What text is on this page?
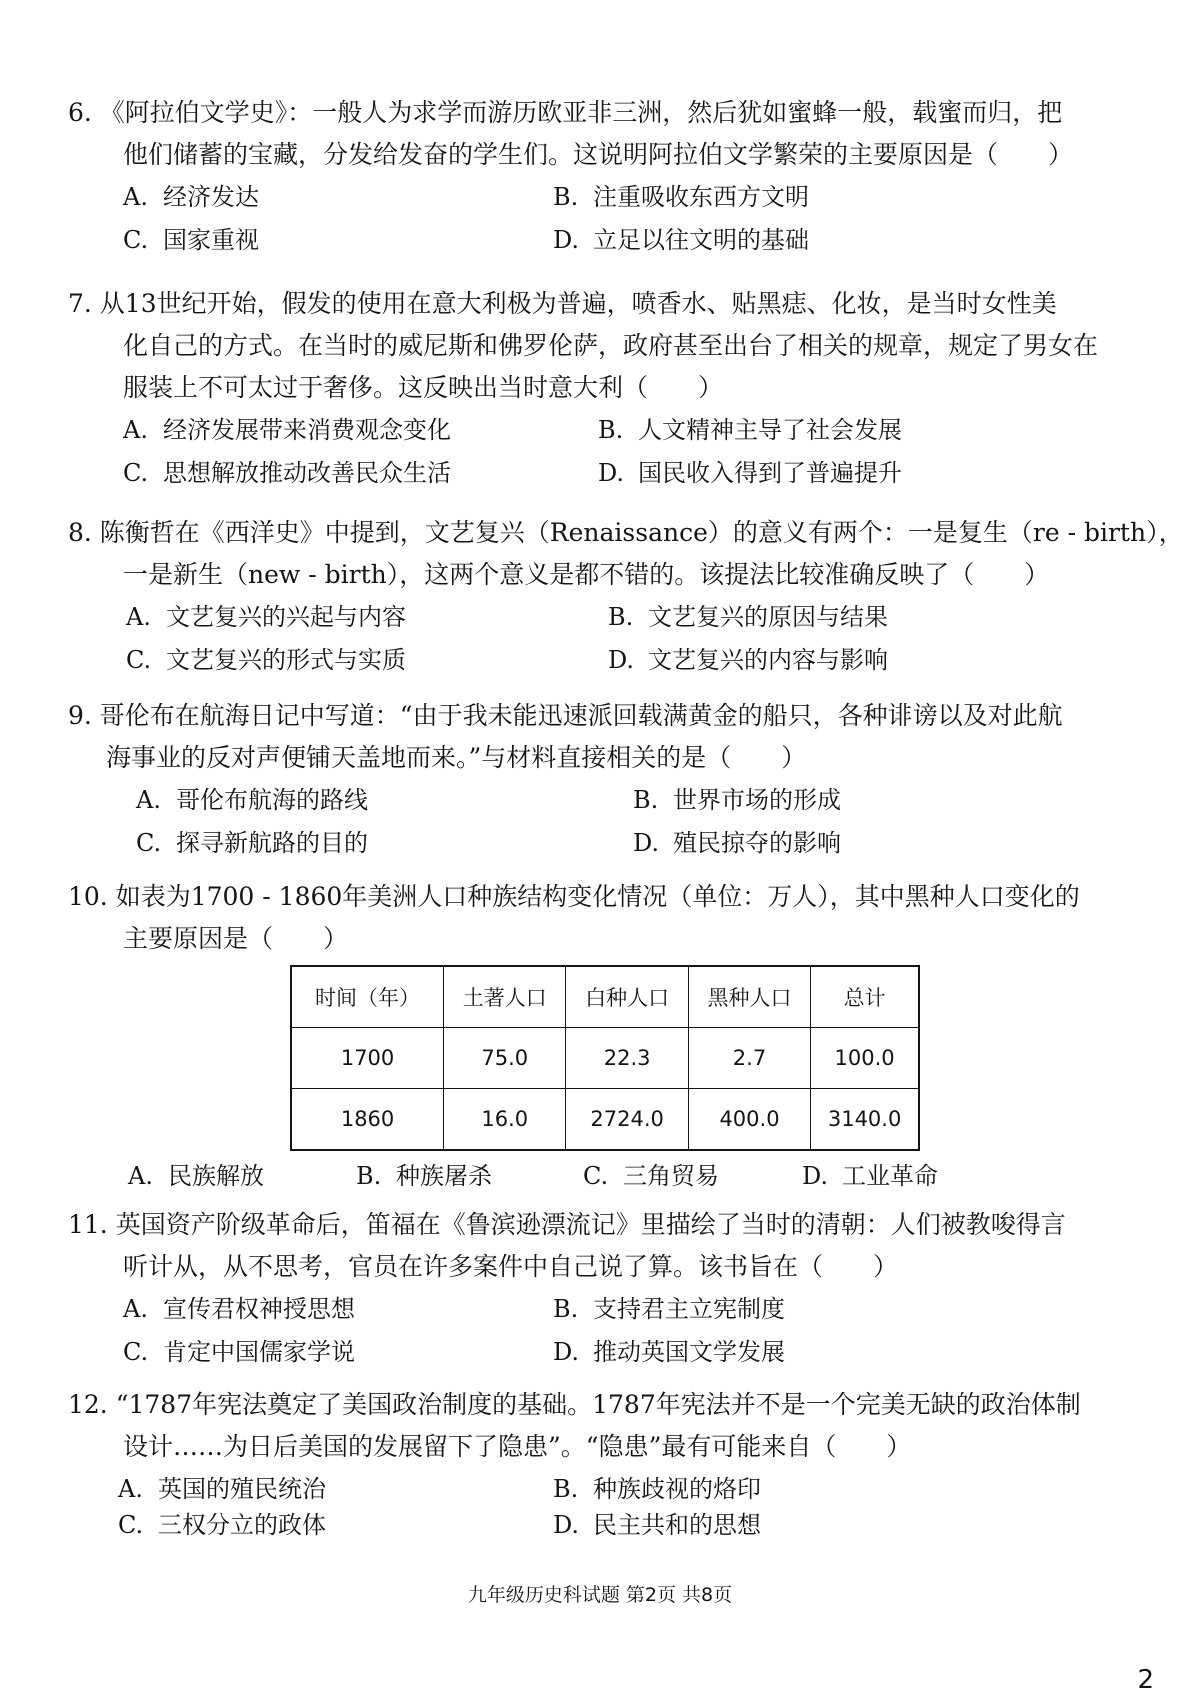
6. 《阿拉伯文学史》：一般人为求学而游历欧亚非三洲，然后犹如蜜蜂一般，载蜜而归，把
他们储蓄的宝藏，分发给发奋的学生们。这说明阿拉伯文学繁荣的主要原因是（　　）
A. 经济发达	B. 注重吸收东西方文明
C. 国家重视	D. 立足以往文明的基础
7. 从13世纪开始，假发的使用在意大利极为普遍，喷香水、贴黑痣、化妆，是当时女性美
化自己的方式。在当时的威尼斯和佛罗伦萨，政府甚至出台了相关的规章，规定了男女在
服装上不可太过于奢侈。这反映出当时意大利（　　）
A. 经济发展带来消费观念变化	B. 人文精神主导了社会发展
C. 思想解放推动改善民众生活	D. 国民收入得到了普遍提升
8. 陈衡哲在《西洋史》中提到，文艺复兴（Renaissance）的意义有两个：一是复生（re - birth），
一是新生（new - birth），这两个意义是都不错的。该提法比较准确反映了（　　）
A. 文艺复兴的兴起与内容	B. 文艺复兴的原因与结果
C. 文艺复兴的形式与实质	D. 文艺复兴的内容与影响
9. 哥伦布在航海日记中写道：“由于我未能迅速派回载满黄金的船只，各种诽谤以及对此航
海事业的反对声便铺天盖地而来。”与材料直接相关的是（　　）
A. 哥伦布航海的路线	B. 世界市场的形成
C. 探寻新航路的目的	D. 殖民掠夺的影响
10. 如表为1700 - 1860年美洲人口种族结构变化情况（单位：万人），其中黑种人口变化的
主要原因是（　　）
时间（年）	土著人口	白种人口	黑种人口	总计
1700	75.0	22.3	2.7	100.0
1860	16.0	2724.0	400.0	3140.0
A. 民族解放	B. 种族屠杀	C. 三角贸易	D. 工业革命
11. 英国资产阶级革命后，笛福在《鲁滨逊漂流记》里描绘了当时的清朝：人们被教唆得言
听计从，从不思考，官员在许多案件中自己说了算。该书旨在（　　）
A. 宣传君权神授思想	B. 支持君主立宪制度
C. 肯定中国儒家学说	D. 推动英国文学发展
12. “1787年宪法奠定了美国政治制度的基础。1787年宪法并不是一个完美无缺的政治体制
设计……为日后美国的发展留下了隐患”。“隐患”最有可能来自（　　）
A. 英国的殖民统治	B. 种族歧视的烙印
C. 三权分立的政体	D. 民主共和的思想
九年级历史科试题 第2页 共8页
2
